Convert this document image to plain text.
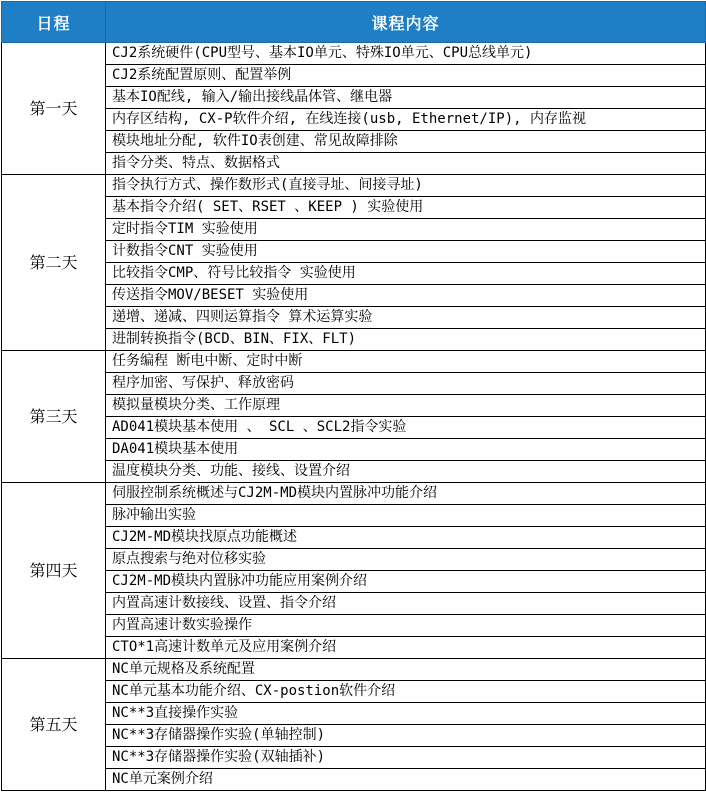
日程	课程内容
第一天	CJ2系统硬件(CPU型号、基本IO单元、特殊IO单元、CPU总线单元)
	CJ2系统配置原则、配置举例
	基本IO配线, 输入/输出接线晶体管、继电器
	内存区结构, CX-P软件介绍, 在线连接(usb, Ethernet/IP), 内存监视
	模块地址分配, 软件IO表创建、常见故障排除
	指令分类、特点、数据格式
第二天	指令执行方式、操作数形式(直接寻址、间接寻址)
	基本指令介绍( SET、RSET 、KEEP ) 实验使用
	定时指令TIM 实验使用
	计数指令CNT 实验使用
	比较指令CMP、符号比较指令 实验使用
	传送指令MOV/BESET 实验使用
	递增、递减、四则运算指令 算术运算实验
	进制转换指令(BCD、BIN、FIX、FLT)
第三天	任务编程 断电中断、定时中断
	程序加密、写保护、释放密码
	模拟量模块分类、工作原理
	AD041模块基本使用 、 SCL 、SCL2指令实验
	DA041模块基本使用
	温度模块分类、功能、接线、设置介绍
第四天	伺服控制系统概述与CJ2M-MD模块内置脉冲功能介绍
	脉冲输出实验
	CJ2M-MD模块找原点功能概述
	原点搜索与绝对位移实验
	CJ2M-MD模块内置脉冲功能应用案例介绍
	内置高速计数接线、设置、指令介绍
	内置高速计数实验操作
	CTO*1高速计数单元及应用案例介绍
第五天	NC单元规格及系统配置
	NC单元基本功能介绍、CX-postion软件介绍
	NC**3直接操作实验
	NC**3存储器操作实验(单轴控制)
	NC**3存储器操作实验(双轴插补)
	NC单元案例介绍
